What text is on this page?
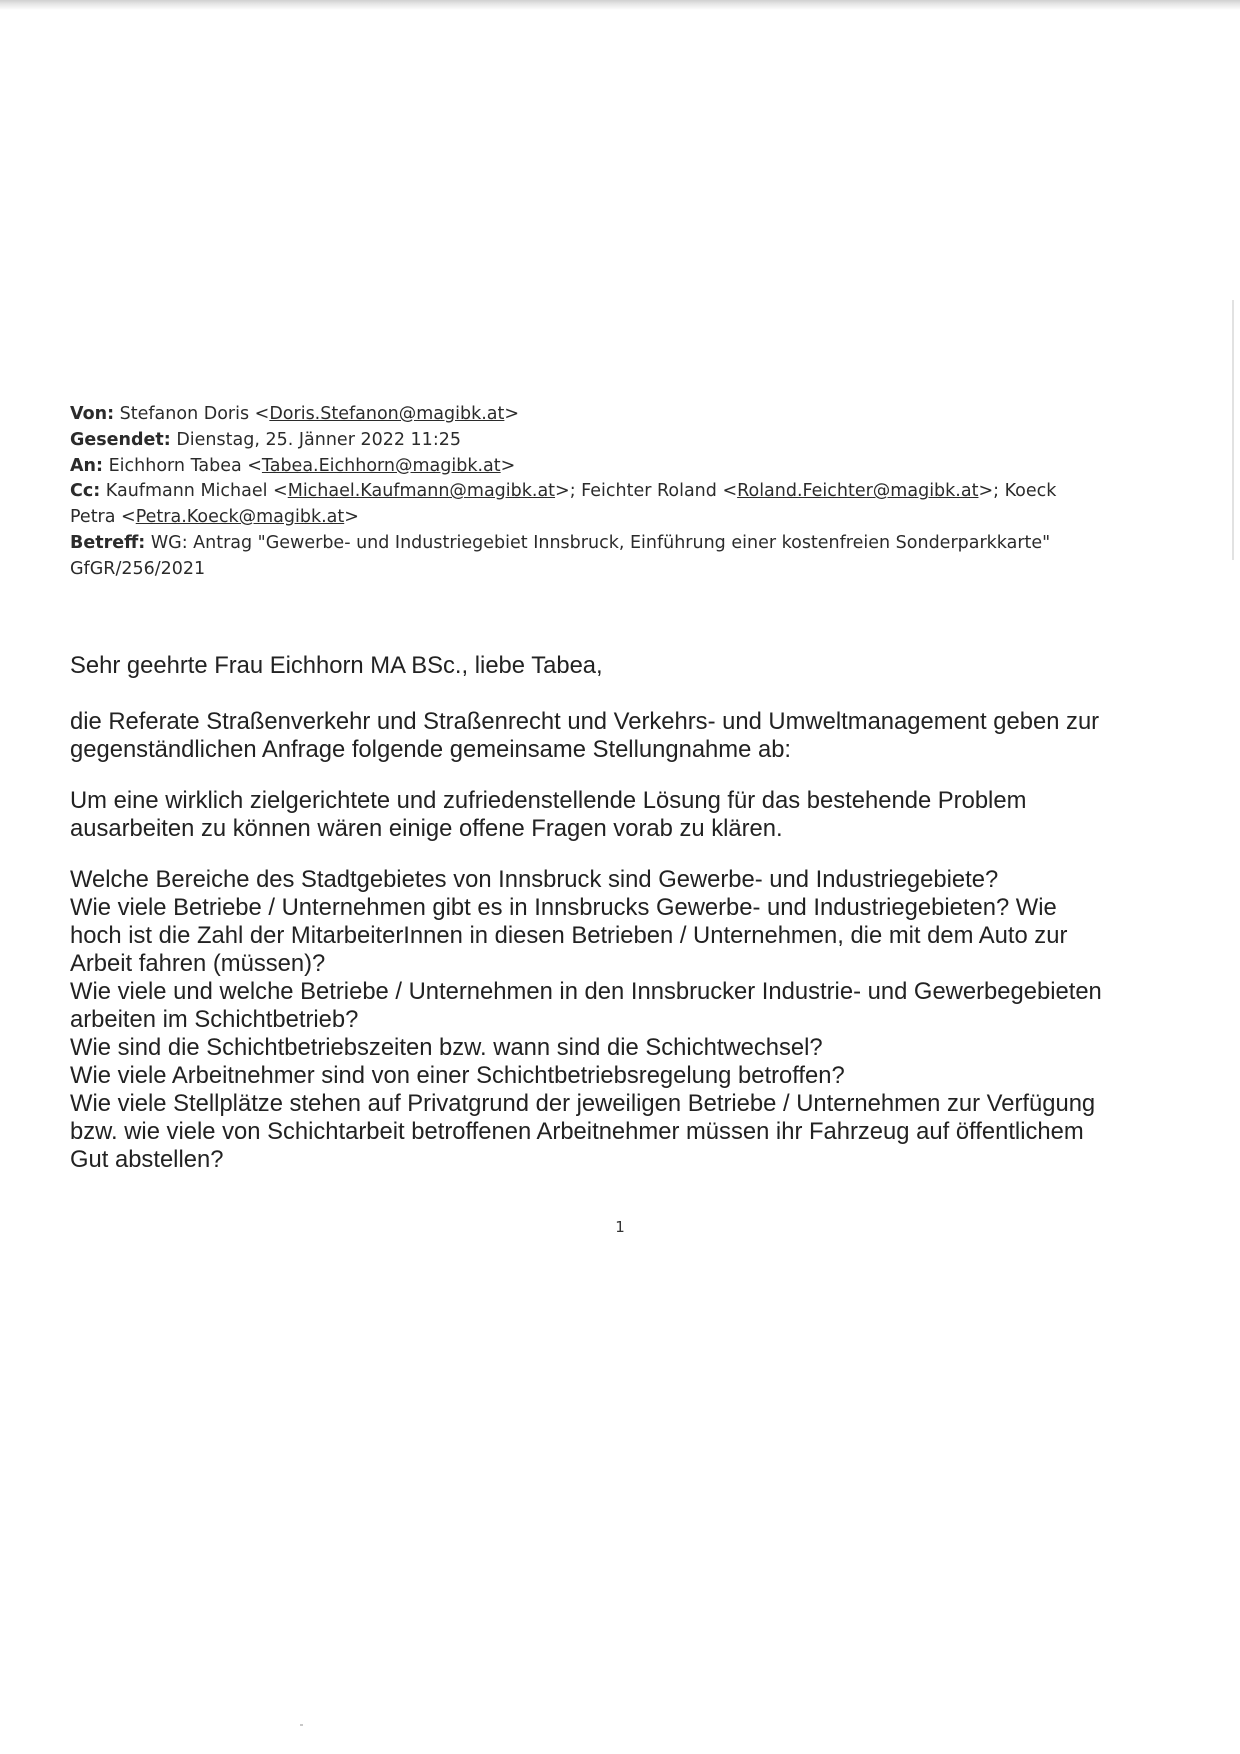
Von: Stefanon Doris <Doris.Stefanon@magibk.at>
Gesendet: Dienstag, 25. Jänner 2022 11:25
An: Eichhorn Tabea <Tabea.Eichhorn@magibk.at>
Cc: Kaufmann Michael <Michael.Kaufmann@magibk.at>; Feichter Roland <Roland.Feichter@magibk.at>; Koeck
Petra <Petra.Koeck@magibk.at>
Betreff: WG: Antrag "Gewerbe- und Industriegebiet Innsbruck, Einführung einer kostenfreien Sonderparkkarte"
GfGR/256/2021

Sehr geehrte Frau Eichhorn MA BSc., liebe Tabea,

die Referate Straßenverkehr und Straßenrecht und Verkehrs- und Umweltmanagement geben zur
gegenständlichen Anfrage folgende gemeinsame Stellungnahme ab:

Um eine wirklich zielgerichtete und zufriedenstellende Lösung für das bestehende Problem
ausarbeiten zu können wären einige offene Fragen vorab zu klären.

Welche Bereiche des Stadtgebietes von Innsbruck sind Gewerbe- und Industriegebiete?
Wie viele Betriebe / Unternehmen gibt es in Innsbrucks Gewerbe- und Industriegebieten? Wie
hoch ist die Zahl der MitarbeiterInnen in diesen Betrieben / Unternehmen, die mit dem Auto zur
Arbeit fahren (müssen)?
Wie viele und welche Betriebe / Unternehmen in den Innsbrucker Industrie- und Gewerbegebieten
arbeiten im Schichtbetrieb?
Wie sind die Schichtbetriebszeiten bzw. wann sind die Schichtwechsel?
Wie viele Arbeitnehmer sind von einer Schichtbetriebsregelung betroffen?
Wie viele Stellplätze stehen auf Privatgrund der jeweiligen Betriebe / Unternehmen zur Verfügung
bzw. wie viele von Schichtarbeit betroffenen Arbeitnehmer müssen ihr Fahrzeug auf öffentlichem
Gut abstellen?

1
